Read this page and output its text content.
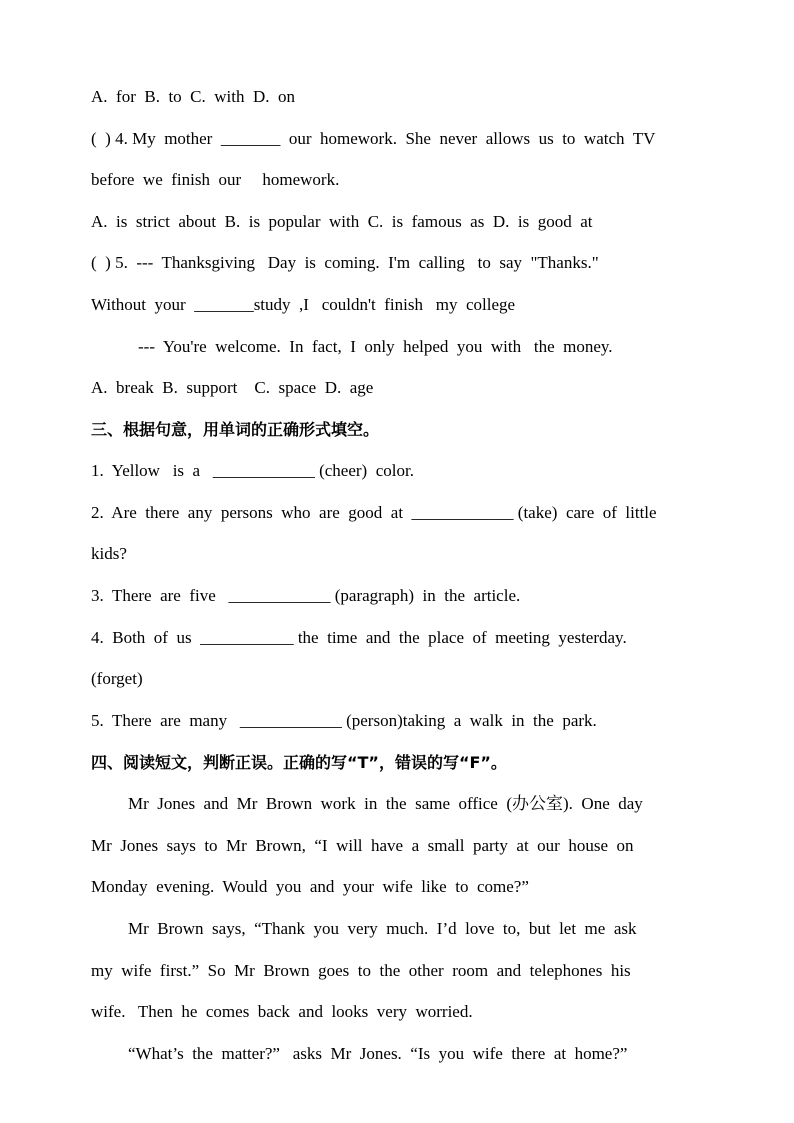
A.  for  B.  to  C.  with  D.  on
(  ) 4. My  mother  _______  our  homework.  She  never  allows  us  to  watch  TV
before  we  finish  our     homework.
A.  is  strict  about  B.  is  popular  with  C.  is  famous  as  D.  is  good  at
(  ) 5.  ---  Thanksgiving   Day  is  coming.  I'm  calling   to  say  "Thanks."
Without  your  _______study  ,I   couldn't  finish   my  college
---  You're  welcome.  In  fact,  I  only  helped  you  with   the  money.
A.  break  B.  support    C.  space  D.  age
三、根据句意，用单词的正确形式填空。
1.  Yellow   is  a   ____________ (cheer)  color.
2.  Are  there  any  persons  who  are  good  at  ____________ (take)  care  of  little
kids?
3.  There  are  five   ____________ (paragraph)  in  the  article.
4.  Both  of  us  ___________ the  time  and  the  place  of  meeting  yesterday.
(forget)
5.  There  are  many   ____________ (person)taking  a  walk  in  the  park.
四、阅读短文，判断正误。正确的写“T”，错误的写“F”。
Mr  Jones  and  Mr  Brown  work  in  the  same  office  (办公室).  One  day
Mr  Jones  says  to  Mr  Brown,  “I  will  have  a  small  party  at  our  house  on
Monday  evening.  Would  you  and  your  wife  like  to  come?”
Mr  Brown  says,  “Thank  you  very  much.  I’d  love  to,  but  let  me  ask
my  wife  first.”  So  Mr  Brown  goes  to  the  other  room  and  telephones  his
wife.   Then  he  comes  back  and  looks  very  worried.
“What’s  the  matter?”   asks  Mr  Jones.  “Is  you  wife  there  at  home?”
